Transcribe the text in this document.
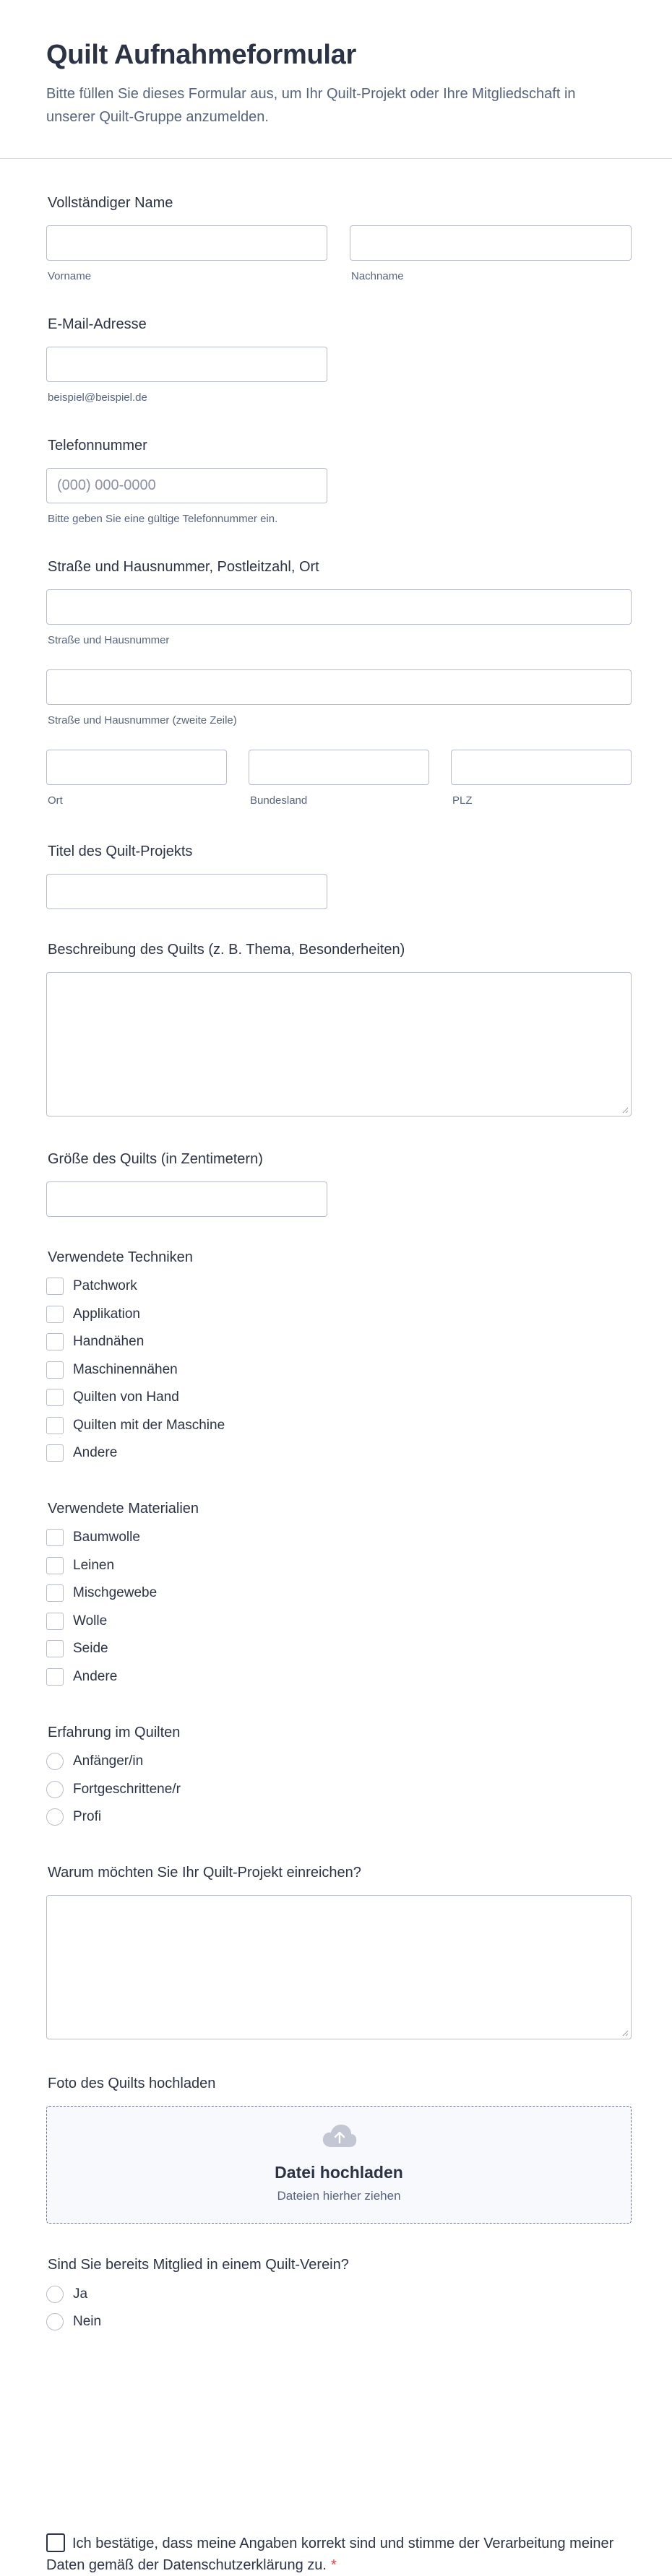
Quilt Aufnahmeformular
Bitte füllen Sie dieses Formular aus, um Ihr Quilt-Projekt oder Ihre Mitgliedschaft in unserer Quilt-Gruppe anzumelden.
Vollständiger Name
Vorname	Nachname
E-Mail-Adresse
beispiel@beispiel.de
Telefonnummer
(000) 000-0000
Bitte geben Sie eine gültige Telefonnummer ein.
Straße und Hausnummer, Postleitzahl, Ort
Straße und Hausnummer
Straße und Hausnummer (zweite Zeile)
Ort	Bundesland	PLZ
Titel des Quilt-Projekts
Beschreibung des Quilts (z. B. Thema, Besonderheiten)
Größe des Quilts (in Zentimetern)
Verwendete Techniken
Patchwork
Applikation
Handnähen
Maschinennähen
Quilten von Hand
Quilten mit der Maschine
Andere
Verwendete Materialien
Baumwolle
Leinen
Mischgewebe
Wolle
Seide
Andere
Erfahrung im Quilten
Anfänger/in
Fortgeschrittene/r
Profi
Warum möchten Sie Ihr Quilt-Projekt einreichen?
Foto des Quilts hochladen
Datei hochladen
Dateien hierher ziehen
Sind Sie bereits Mitglied in einem Quilt-Verein?
Ja
Nein
Ich bestätige, dass meine Angaben korrekt sind und stimme der Verarbeitung meiner Daten gemäß der Datenschutzerklärung zu. *
